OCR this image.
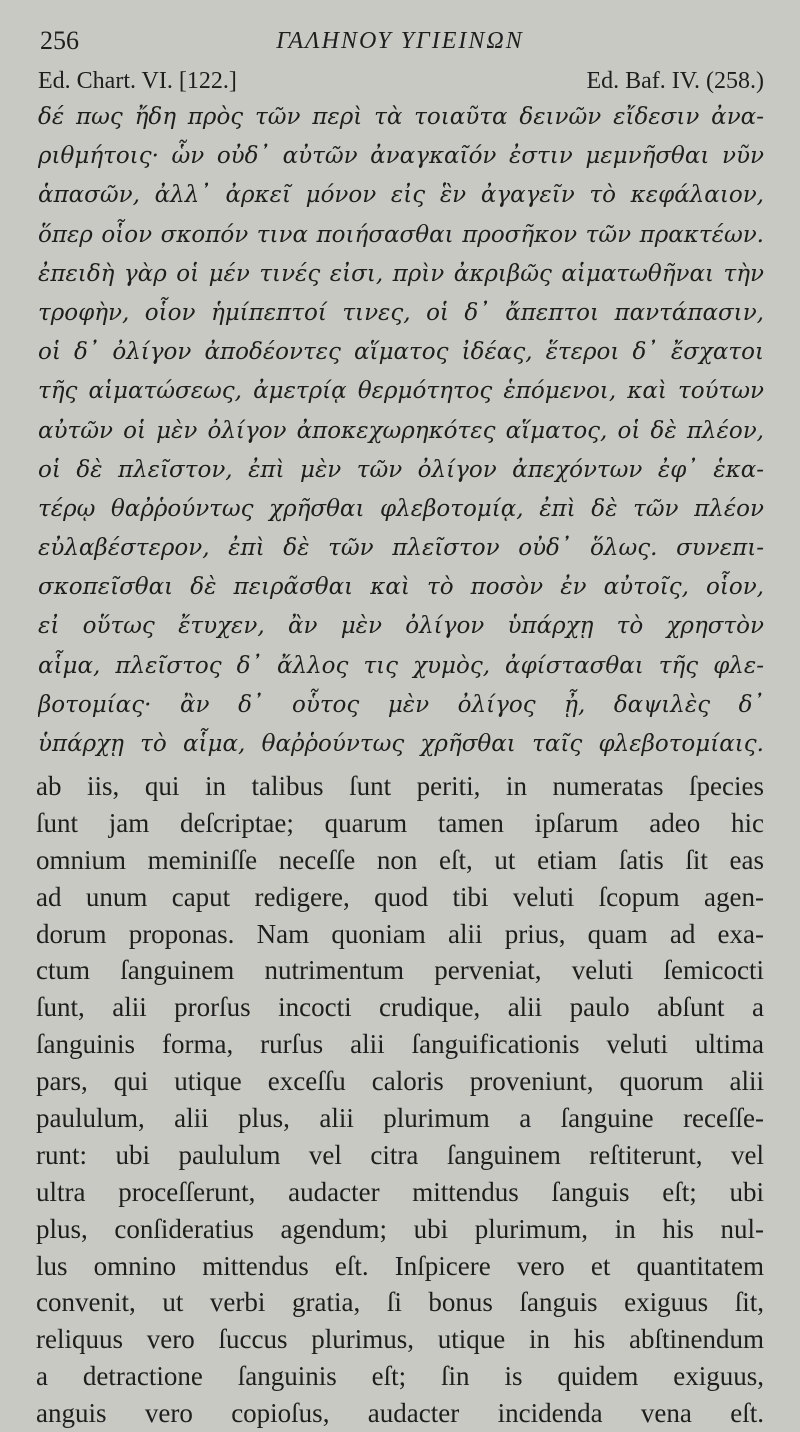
256	ΓΑΛΗΝΟΥ ΥΓΙΕΙΝΩΝ
Ed. Chart. VI. [122.]	Ed. Baf. IV. (258.)
δέ πως ἤδη πρὸς τῶν περὶ τὰ τοιαῦτα δεινῶν εἴδεσιν ἀνα-
ριθμήτοις· ὧν οὐδ᾽ αὐτῶν ἀναγκαῖόν ἐστιν μεμνῆσθαι νῦν
ἁπασῶν, ἀλλ᾽ ἀρκεῖ μόνον εἰς ἓν ἀγαγεῖν τὸ κεφάλαιον,
ὅπερ οἷον σκοπόν τινα ποιήσασθαι προσῆκον τῶν πρακτέων.
ἐπειδὴ γὰρ οἱ μέν τινές εἰσι, πρὶν ἀκριβῶς αἱματωθῆναι τὴν
τροφὴν, οἷον ἡμίπεπτοί τινες, οἱ δ᾽ ἄπεπτοι παντάπασιν,
οἱ δ᾽ ὀλίγον ἀποδέοντες αἵματος ἰδέας, ἕτεροι δ᾽ ἔσχατοι
τῆς αἱματώσεως, ἀμετρίᾳ θερμότητος ἑπόμενοι, καὶ τούτων
αὐτῶν οἱ μὲν ὀλίγον ἀποκεχωρηκότες αἵματος, οἱ δὲ πλέον,
οἱ δὲ πλεῖστον, ἐπὶ μὲν τῶν ὀλίγον ἀπεχόντων ἐφ᾽ ἑκα-
τέρῳ θαῤῥούντως χρῆσθαι φλεβοτομίᾳ, ἐπὶ δὲ τῶν πλέον
εὐλαβέστερον, ἐπὶ δὲ τῶν πλεῖστον οὐδ᾽ ὅλως. συνεπι-
σκοπεῖσθαι δὲ πειρᾶσθαι καὶ τὸ ποσὸν ἐν αὐτοῖς, οἷον,
εἰ οὕτως ἔτυχεν, ἂν μὲν ὀλίγον ὑπάρχῃ τὸ χρηστὸν
αἷμα, πλεῖστος δ᾽ ἄλλος τις χυμὸς, ἀφίστασθαι τῆς φλε-
βοτομίας· ἂν δ᾽ οὗτος μὲν ὀλίγος ᾖ, δαψιλὲς δ᾽
ὑπάρχῃ τὸ αἷμα, θαῤῥούντως χρῆσθαι ταῖς φλεβοτομίαις.
ab iis, qui in talibus ſunt periti, in numeratas ſpecies
ſunt jam deſcriptae; quarum tamen ipſarum adeo hic
omnium meminiſſe neceſſe non eſt, ut etiam ſatis ſit eas
ad unum caput redigere, quod tibi veluti ſcopum agen-
dorum proponas. Nam quoniam alii prius, quam ad exa-
ctum ſanguinem nutrimentum perveniat, veluti ſemicocti
ſunt, alii prorſus incocti crudique, alii paulo abſunt a
ſanguinis forma, rurſus alii ſanguificationis veluti ultima
pars, qui utique exceſſu caloris proveniunt, quorum alii
paululum, alii plus, alii plurimum a ſanguine receſſe-
runt: ubi paululum vel citra ſanguinem reſtiterunt, vel
ultra proceſſerunt, audacter mittendus ſanguis eſt; ubi
plus, conſideratius agendum; ubi plurimum, in his nul-
lus omnino mittendus eſt. Inſpicere vero et quantitatem
convenit, ut verbi gratia, ſi bonus ſanguis exiguus ſit,
reliquus vero ſuccus plurimus, utique in his abſtinendum
a detractione ſanguinis eſt; ſin is quidem exiguus,
anguis vero copioſus, audacter incidenda vena eſt.
